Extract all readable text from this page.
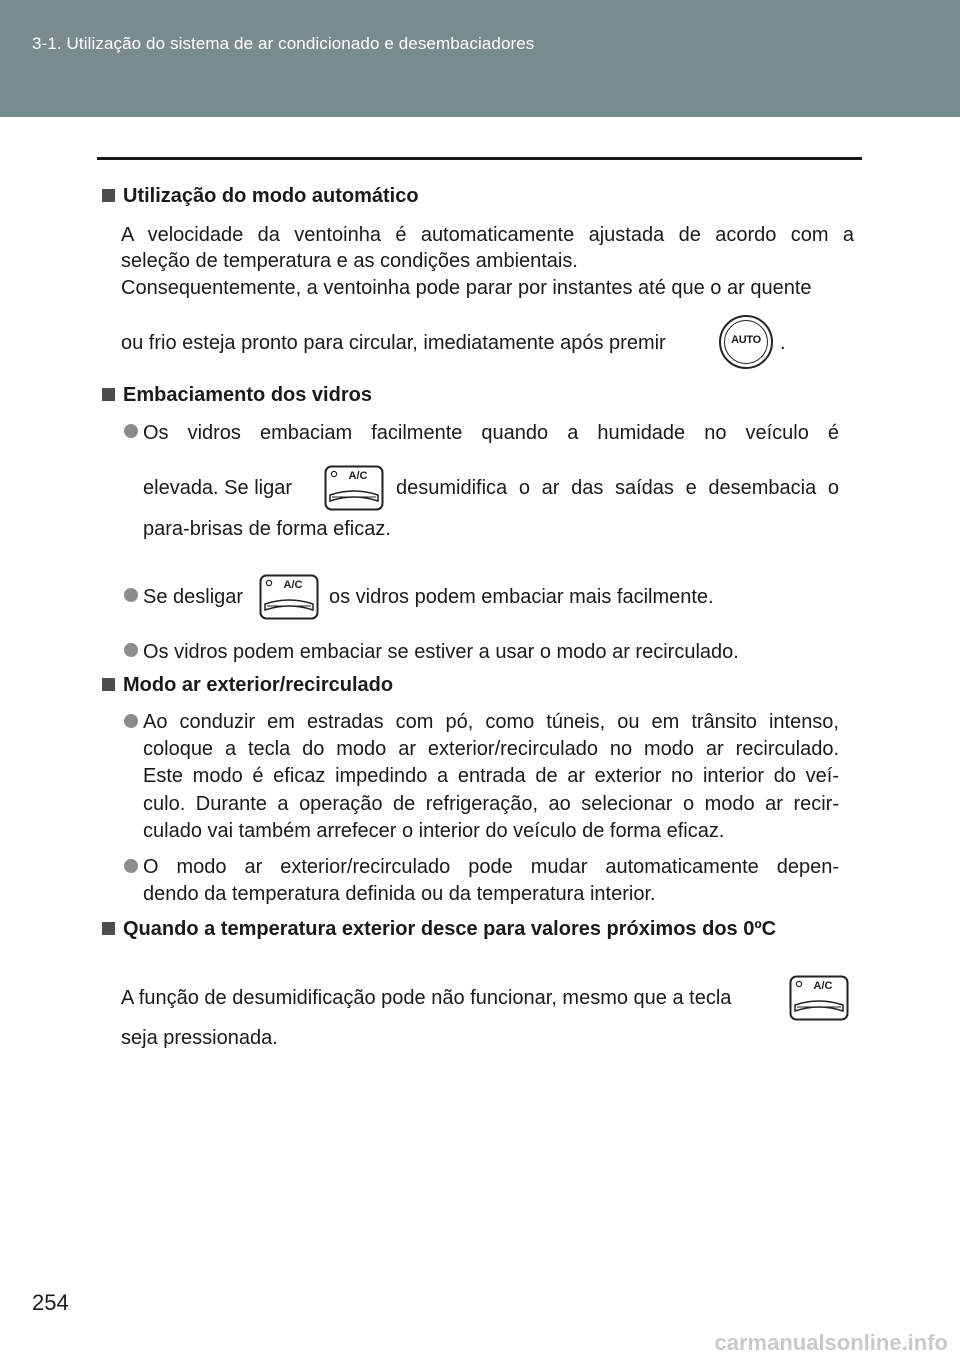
3-1. Utilização do sistema de ar condicionado e desembaciadores
Utilização do modo automático
A velocidade da ventoinha é automaticamente ajustada de acordo com a
seleção de temperatura e as condições ambientais.
Consequentemente, a ventoinha pode parar por instantes até que o ar quente
ou frio esteja pronto para circular, imediatamente após premir	AUTO .
Embaciamento dos vidros
Os vidros embaciam facilmente quando a humidade no veículo é
elevada. Se ligar
A/C
desumidifica o ar das saídas e desembacia o
para-brisas de forma eficaz.
Se desligar
A/C
os vidros podem embaciar mais facilmente.
Os vidros podem embaciar se estiver a usar o modo ar recirculado.
Modo ar exterior/recirculado
Ao conduzir em estradas com pó, como túneis, ou em trânsito intenso,
coloque a tecla do modo ar exterior/recirculado no modo ar recirculado.
Este modo é eficaz impedindo a entrada de ar exterior no interior do veí-
culo. Durante a operação de refrigeração, ao selecionar o modo ar recir-
culado vai também arrefecer o interior do veículo de forma eficaz.
O modo ar exterior/recirculado pode mudar automaticamente depen-
dendo da temperatura definida ou da temperatura interior.
Quando a temperatura exterior desce para valores próximos dos 0ºC
A função de desumidificação pode não funcionar, mesmo que a tecla
A/C
seja pressionada.
254
carmanualsonline.info
